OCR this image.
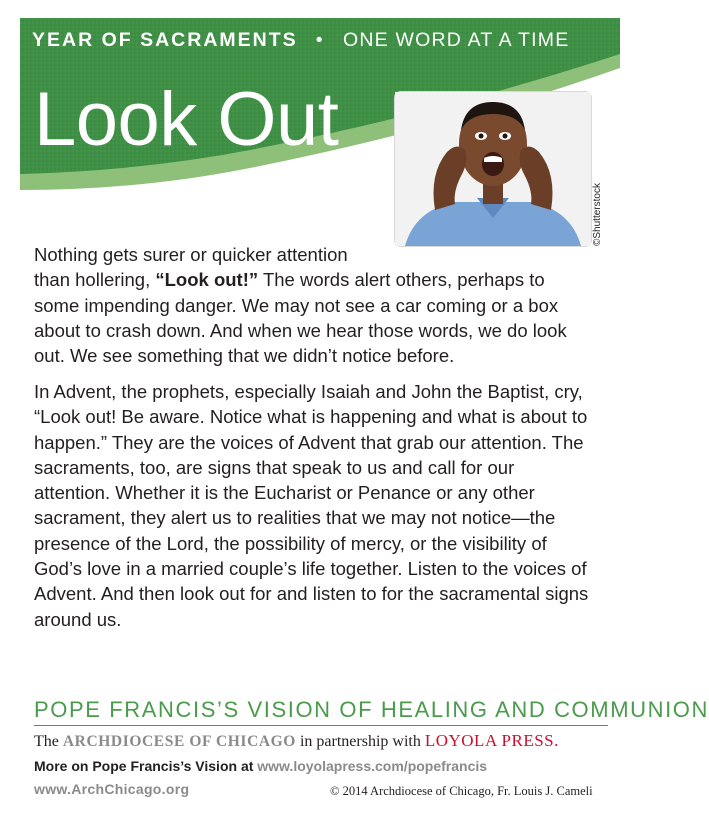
YEAR OF SACRAMENTS • ONE WORD AT A TIME
Look Out
©Shutterstock
Nothing gets surer or quicker attention
than hollering, “Look out!” The words alert others, perhaps to some impending danger. We may not see a car coming or a box about to crash down. And when we hear those words, we do look out. We see something that we didn’t notice before.
In Advent, the prophets, especially Isaiah and John the Baptist, cry, “Look out! Be aware. Notice what is happening and what is about to happen.” They are the voices of Advent that grab our attention. The sacraments, too, are signs that speak to us and call for our attention. Whether it is the Eucharist or Penance or any other sacrament, they alert us to realities that we may not notice—the presence of the Lord, the possibility of mercy, or the visibility of God’s love in a married couple’s life together. Listen to the voices of Advent. And then look out for and listen to for the sacramental signs around us.
POPE FRANCIS’S VISION OF HEALING AND COMMUNION
The ARCHDIOCESE OF CHICAGO in partnership with LOYOLA PRESS.
More on Pope Francis’s Vision at www.loyolapress.com/popefrancis
www.ArchChicago.org	© 2014 Archdiocese of Chicago, Fr. Louis J. Cameli
